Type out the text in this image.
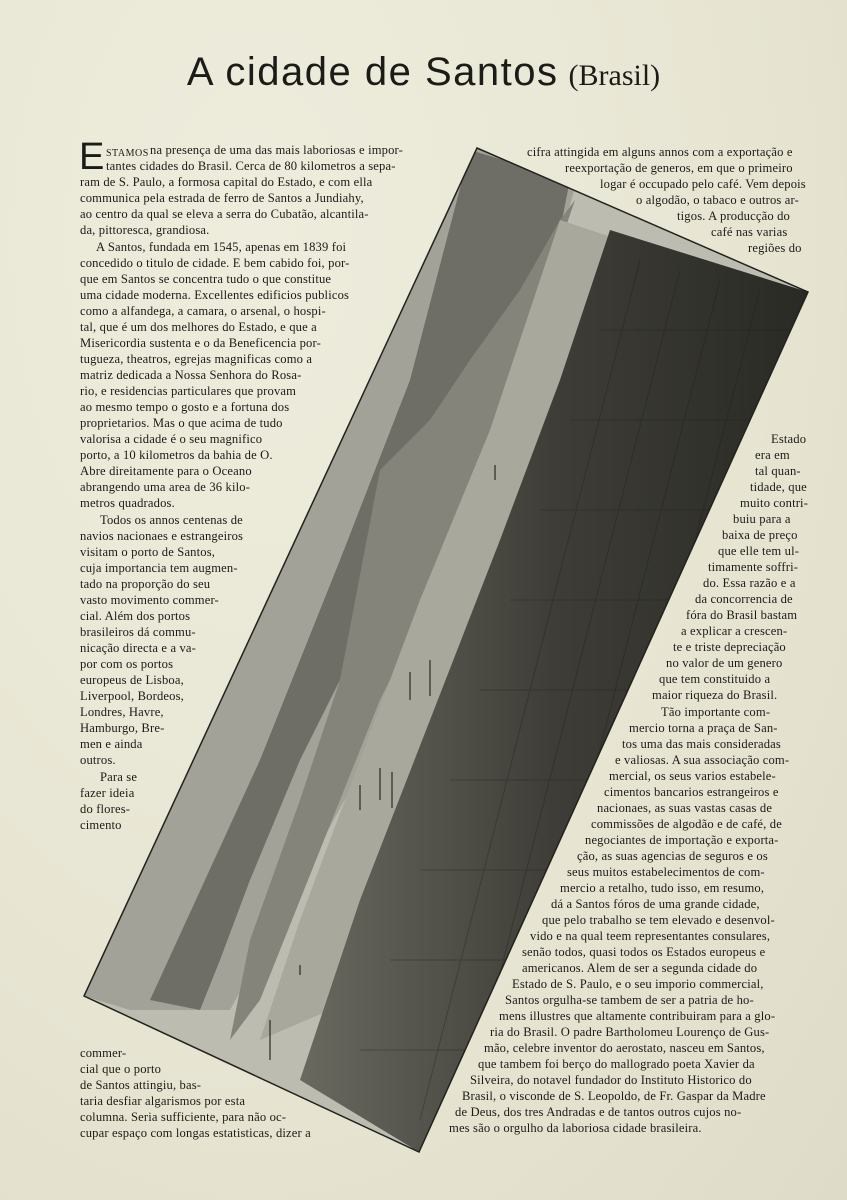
A cidade de Santos (Brasil)
E STAMOS na presença de uma das mais laboriosas e impor-
tantes cidades do Brasil. Cerca de 80 kilometros a sepa-
ram de S. Paulo, a formosa capital do Estado, e com ella
communica pela estrada de ferro de Santos a Jundiahy,
ao centro da qual se eleva a serra do Cubatão, alcantila-
da, pittoresca, grandiosa.
A Santos, fundada em 1545, apenas em 1839 foi
concedido o titulo de cidade. E bem cabido foi, por-
que em Santos se concentra tudo o que constitue
uma cidade moderna. Excellentes edificios publicos
como a alfandega, a camara, o arsenal, o hospi-
tal, que é um dos melhores do Estado, e que a
Misericordia sustenta e o da Beneficencia por-
tugueza, theatros, egrejas magnificas como a
matriz dedicada a Nossa Senhora do Rosa-
rio, e residencias particulares que provam
ao mesmo tempo o gosto e a fortuna dos
proprietarios. Mas o que acima de tudo
valorisa a cidade é o seu magnifico
porto, a 10 kilometros da bahia de O.
Abre direitamente para o Oceano
abrangendo uma area de 36 kilo-
metros quadrados.
Todos os annos centenas de
navios nacionaes e estrangeiros
visitam o porto de Santos,
cuja importancia tem augmen-
tado na proporção do seu
vasto movimento commer-
cial. Além dos portos
brasileiros dá commu-
nicação directa e a va-
por com os portos
europeus de Lisboa,
Liverpool, Bordeos,
Londres, Havre,
Hamburgo, Bre-
men e ainda
outros.
Para se
fazer ideia
do flores-
cimento
commer-
cial que o porto
de Santos attingiu, bas-
taria desfiar algarismos por esta
columna. Seria sufficiente, para não oc-
cupar espaço com longas estatisticas, dizer a
cifra attingida em alguns annos com a exportação e
reexportação de generos, em que o primeiro
logar é occupado pelo café. Vem depois
o algodão, o tabaco e outros ar-
tigos. A producção do
café nas varias
regiões do
Estado
era em
tal quan-
tidade, que
muito contri-
buiu para a
baixa de preço
que elle tem ul-
timamente soffri-
do. Essa razão e a
da concorrencia de
fóra do Brasil bastam
a explicar a crescen-
te e triste depreciação
no valor de um genero
que tem constituido a
maior riqueza do Brasil.
Tão importante com-
mercio torna a praça de San-
tos uma das mais consideradas
e valiosas. A sua associação com-
mercial, os seus varios estabele-
cimentos bancarios estrangeiros e
nacionaes, as suas vastas casas de
commissões de algodão e de café, de
negociantes de importação e exporta-
ção, as suas agencias de seguros e os
seus muitos estabelecimentos de com-
mercio a retalho, tudo isso, em resumo,
dá a Santos fóros de uma grande cidade,
que pelo trabalho se tem elevado e desenvol-
vido e na qual teem representantes consulares,
senão todos, quasi todos os Estados europeus e
americanos. Alem de ser a segunda cidade do
Estado de S. Paulo, e o seu imporio commercial,
Santos orgulha-se tambem de ser a patria de ho-
mens illustres que altamente contribuiram para a glo-
ria do Brasil. O padre Bartholomeu Lourenço de Gus-
mão, celebre inventor do aerostato, nasceu em Santos,
que tambem foi berço do mallogrado poeta Xavier da
Silveira, do notavel fundador do Instituto Historico do
Brasil, o visconde de S. Leopoldo, de Fr. Gaspar da Madre
de Deus, dos tres Andradas e de tantos outros cujos no-
mes são o orgulho da laboriosa cidade brasileira.
